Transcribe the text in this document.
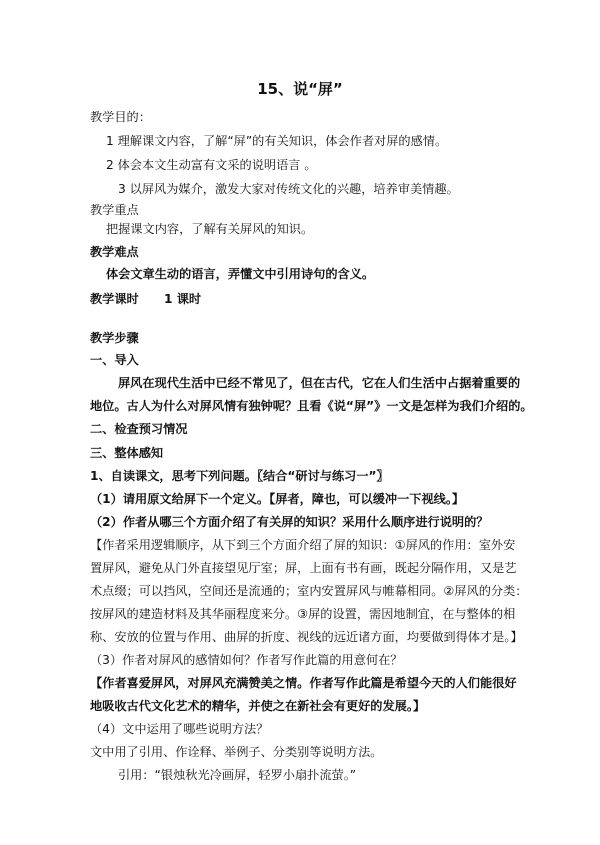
15、说“屏”
教学目的：
1 理解课文内容，了解“屏”的有关知识，体会作者对屏的感情。
2 体会本文生动富有文采的说明语言 。
3 以屏风为媒介，激发大家对传统文化的兴趣，培养审美情趣。
教学重点
把握课文内容，了解有关屏风的知识。
教学难点
体会文章生动的语言，弄懂文中引用诗句的含义。
教学课时 1 课时
教学步骤
一、导入
屏风在现代生活中已经不常见了，但在古代，它在人们生活中占据着重要的
地位。古人为什么对屏风情有独钟呢？且看《说“屏”》一文是怎样为我们介绍的。
二、检查预习情况
三、整体感知
1、自读课文，思考下列问题。〖结合“研讨与练习一”〗
（1）请用原文给屏下一个定义。【屏者，障也，可以缓冲一下视线。】
（2）作者从哪三个方面介绍了有关屏的知识？采用什么顺序进行说明的？
【作者采用逻辑顺序，从下到三个方面介绍了屏的知识：①屏风的作用：室外安
置屏风，避免从门外直接望见厅室；屏，上面有书有画，既起分隔作用，又是艺
术点缀；可以挡风，空间还是流通的；室内安置屏风与帷幕相同。②屏风的分类：
按屏风的建造材料及其华丽程度来分。③屏的设置，需因地制宜，在与整体的相
称、安放的位置与作用、曲屏的折度、视线的远近诸方面，均要做到得体才是。】
（3）作者对屏风的感情如何？作者写作此篇的用意何在？
【作者喜爱屏风，对屏风充满赞美之情。作者写作此篇是希望今天的人们能很好
地吸收古代文化艺术的精华，并使之在新社会有更好的发展。】
（4）文中运用了哪些说明方法？
文中用了引用、作诠释、举例子、分类别等说明方法。
引用：“银烛秋光冷画屏，轻罗小扇扑流萤。”
